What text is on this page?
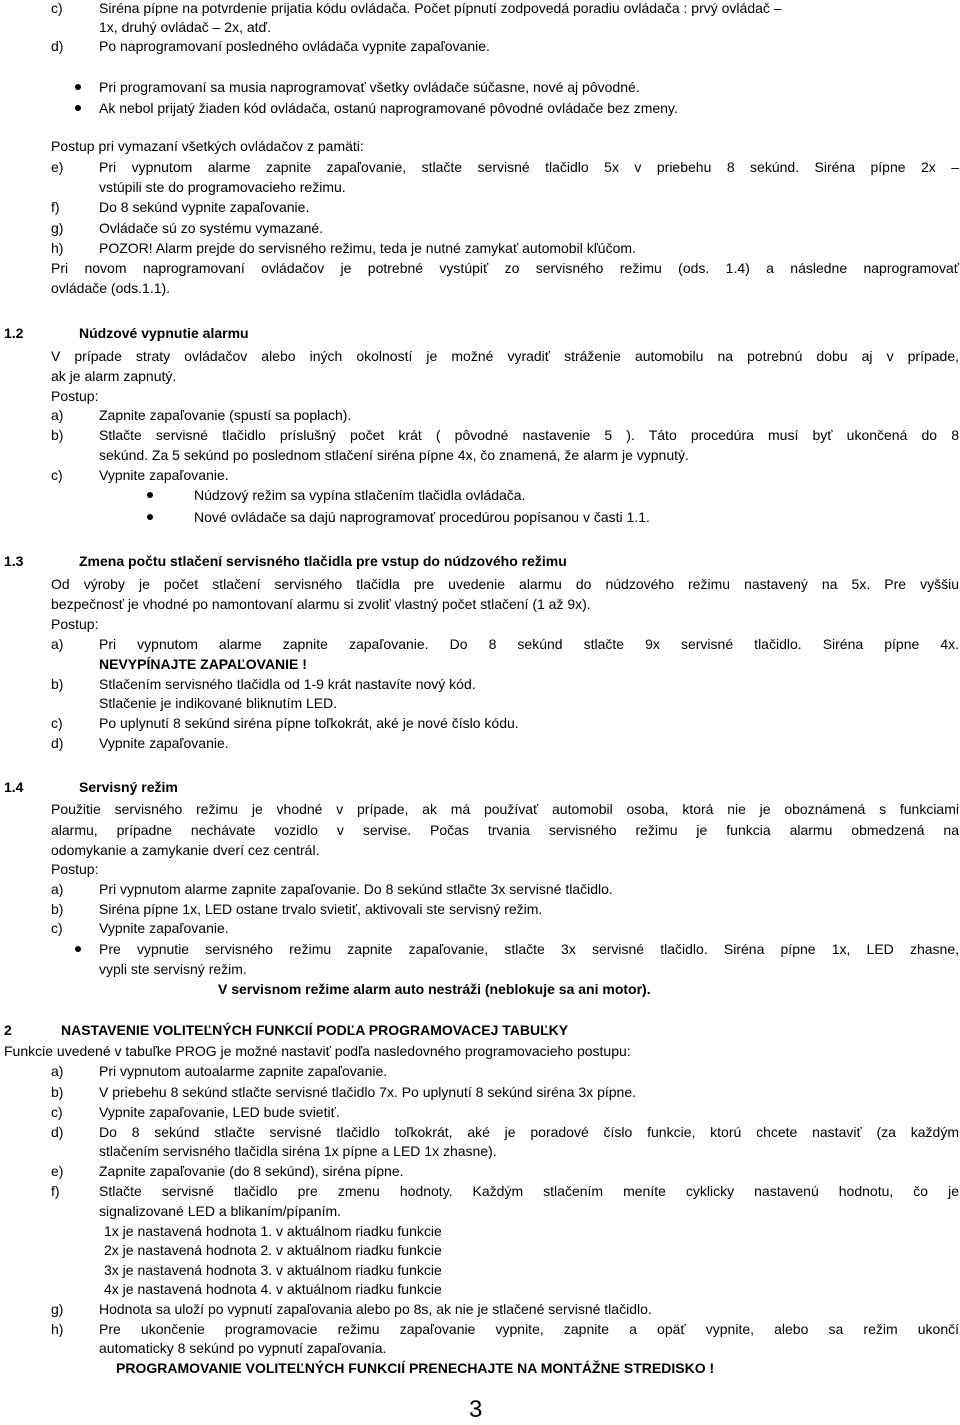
c)	Siréna pípne na potvrdenie prijatia kódu ovládača. Počet pípnutí zodpovedá poradiu ovládača : prvý ovládač –
1x, druhý ovládač – 2x, atď.
d)	Po naprogramovaní posledného ovládača vypnite zapaľovanie.
Pri programovaní sa musia naprogramovať všetky ovládače súčasne, nové aj pôvodné.
Ak nebol prijatý žiaden kód ovládača, ostanú naprogramované pôvodné ovládače bez zmeny.
Postup pri vymazaní všetkých ovládačov z pamäti:
e)	Pri vypnutom alarme zapnite zapaľovanie, stlačte servisné tlačidlo 5x v priebehu 8 sekúnd. Siréna pípne 2x –
vstúpili ste do programovacieho režimu.
f)	Do 8 sekúnd vypnite zapaľovanie.
g)	Ovládače sú zo systému vymazané.
h)	POZOR! Alarm prejde do servisného režimu, teda je nutné zamykať automobil kľúčom.
Pri novom naprogramovaní ovládačov je potrebné vystúpiť zo servisného režimu (ods. 1.4) a následne naprogramovať
ovládače (ods.1.1).
1.2	Núdzové vypnutie alarmu
V prípade straty ovládačov alebo iných okolností je možné vyradiť stráženie automobilu na potrebnú dobu aj v prípade,
ak je alarm zapnutý.
Postup:
a)	Zapnite zapaľovanie (spustí sa poplach).
b)	Stlačte servisné tlačidlo príslušný počet krát ( pôvodné nastavenie 5 ). Táto procedúra musí byť ukončená do 8
sekúnd. Za 5 sekúnd po poslednom stlačení siréna pípne 4x, čo znamená, že alarm je vypnutý.
c)	Vypnite zapaľovanie.
Núdzový režim sa vypína stlačením tlačidla ovládača.
Nové ovládače sa dajú naprogramovať procedúrou popísanou v časti 1.1.
1.3	Zmena počtu stlačení servisného tlačidla pre vstup do núdzového režimu
Od výroby je počet stlačení servisného tlačidla pre uvedenie alarmu do núdzového režimu nastavený na 5x. Pre vyššiu
bezpečnosť je vhodné po namontovaní alarmu si zvoliť vlastný počet stlačení (1 až 9x).
Postup:
a)	Pri vypnutom alarme zapnite zapaľovanie. Do 8 sekúnd stlačte 9x servisné tlačidlo. Siréna pípne 4x.
NEVYPÍNAJTE ZAPAĽOVANIE !
b)	Stlačením servisného tlačidla od 1-9 krát nastavíte nový kód.
Stlačenie je indikované bliknutím LED.
c)	Po uplynutí 8 sekúnd siréna pípne toľkokrát, aké je nové číslo kódu.
d)	Vypnite zapaľovanie.
1.4	Servisný režim
Použitie servisného režimu je vhodné v prípade, ak má používať automobil osoba, ktorá nie je oboznámená s funkciami
alarmu, prípadne nechávate vozidlo v servise. Počas trvania servisného režimu je funkcia alarmu obmedzená na
odomykanie a zamykanie dverí cez centrál.
Postup:
a)	Pri vypnutom alarme zapnite zapaľovanie. Do 8 sekúnd stlačte 3x servisné tlačidlo.
b)	Siréna pípne 1x, LED ostane trvalo svietiť, aktivovali ste servisný režim.
c)	Vypnite zapaľovanie.
Pre vypnutie servisného režimu zapnite zapaľovanie, stlačte 3x servisné tlačidlo. Siréna pípne 1x, LED zhasne,
vypli ste servisný režim.
V servisnom režime alarm auto nestráži (neblokuje sa ani motor).
2	NASTAVENIE VOLITEĽNÝCH FUNKCIÍ PODĽA PROGRAMOVACEJ TABUĽKY
Funkcie uvedené v tabuľke PROG je možné nastaviť podľa nasledovného programovacieho postupu:
a)	Pri vypnutom autoalarme zapnite zapaľovanie.
b)	V priebehu 8 sekúnd stlačte servisné tlačidlo 7x. Po uplynutí 8 sekúnd siréna 3x pípne.
c)	Vypnite zapaľovanie, LED bude svietiť.
d)	Do 8 sekúnd stlačte servisné tlačidlo toľkokrát, aké je poradové číslo funkcie, ktorú chcete nastaviť (za každým
stlačením servisného tlačidla siréna 1x pípne a LED 1x zhasne).
e)	Zapnite zapaľovanie (do 8 sekúnd), siréna pípne.
f)	Stlačte servisné tlačidlo pre zmenu hodnoty. Každým stlačením meníte cyklicky nastavenú hodnotu, čo je
signalizované LED a blikaním/pípaním.
1x je nastavená hodnota 1. v aktuálnom riadku funkcie
2x je nastavená hodnota 2. v aktuálnom riadku funkcie
3x je nastavená hodnota 3. v aktuálnom riadku funkcie
4x je nastavená hodnota 4. v aktuálnom riadku funkcie
g)	Hodnota sa uloží po vypnutí zapaľovania alebo po 8s, ak nie je stlačené servisné tlačidlo.
h)	Pre ukončenie programovacie režimu zapaľovanie vypnite, zapnite a opäť vypnite, alebo sa režim ukončí
automaticky 8 sekúnd po vypnutí zapaľovania.
PROGRAMOVANIE VOLITEĽNÝCH FUNKCIÍ PRENECHAJTE NA MONTÁŽNE STREDISKO !
3
